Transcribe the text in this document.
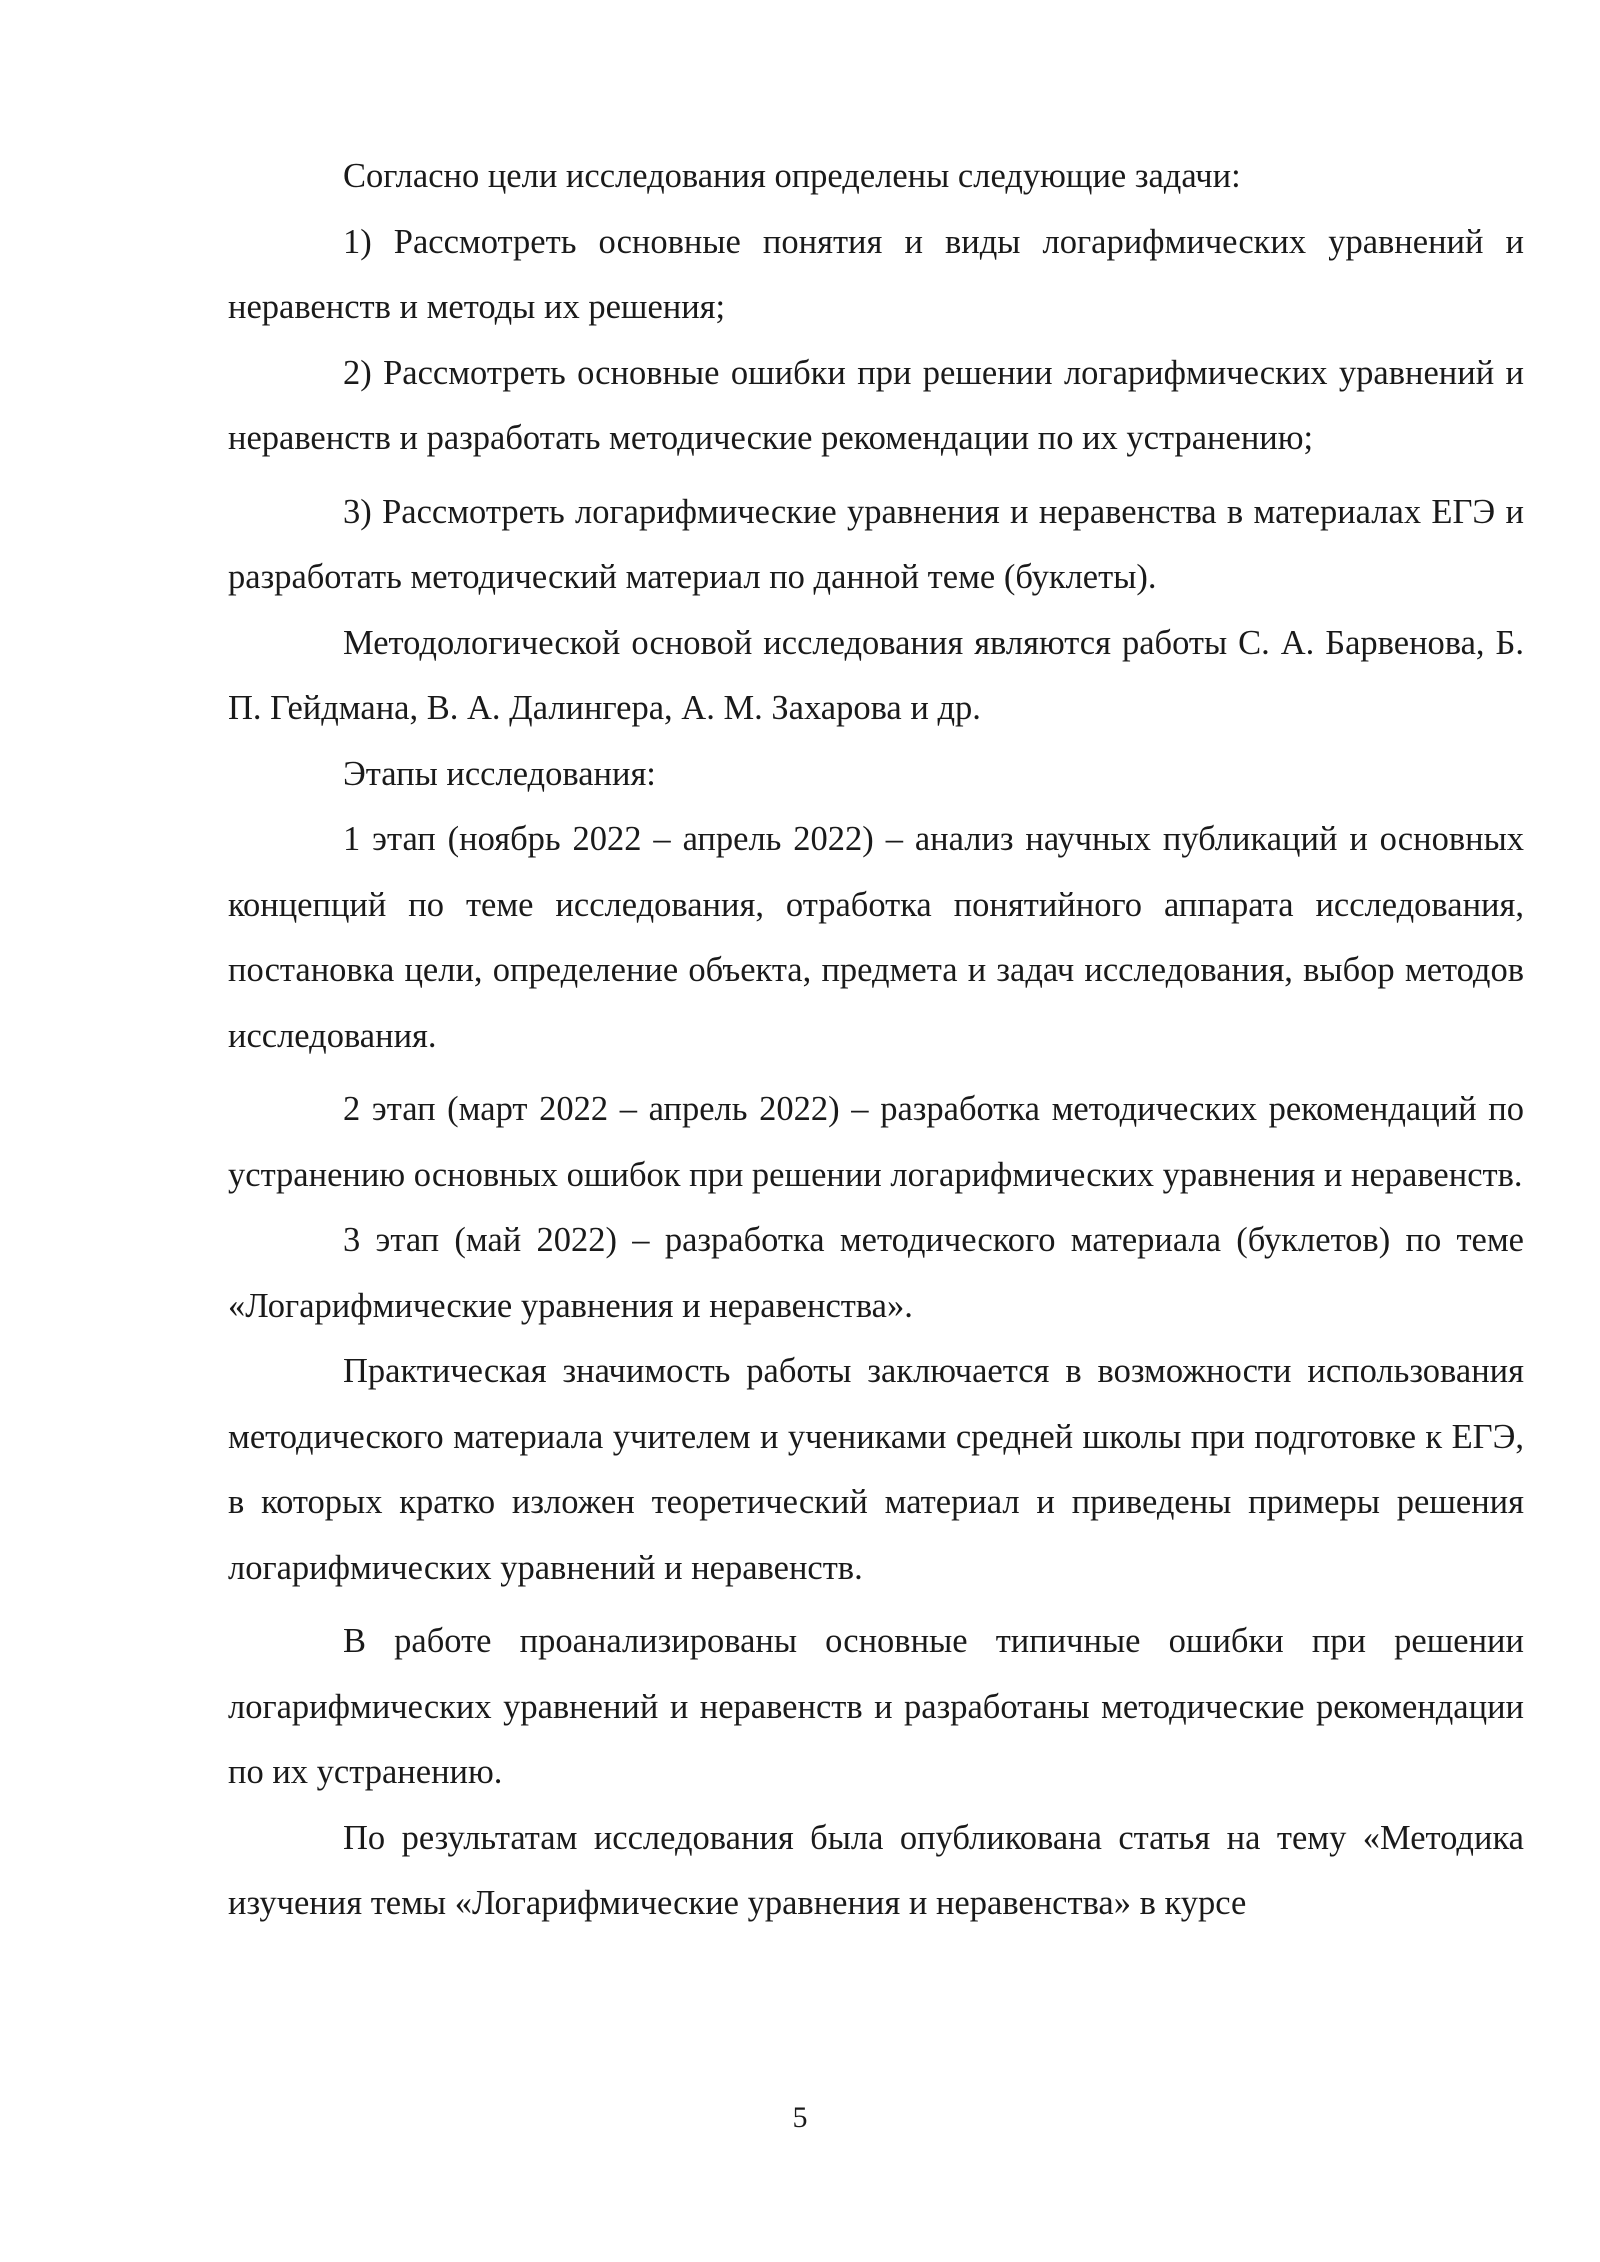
Согласно цели исследования определены следующие задачи:

1) Рассмотреть основные понятия и виды логарифмических уравнений и неравенств и методы их решения;

2) Рассмотреть основные ошибки при решении логарифмических уравнений и неравенств и разработать методические рекомендации по их устранению;

3) Рассмотреть логарифмические уравнения и неравенства в материалах ЕГЭ и разработать методический материал по данной теме (буклеты).

Методологической основой исследования являются работы С. А. Барвенова, Б. П. Гейдмана, В. А. Далингера, А. М. Захарова и др.

Этапы исследования:

1 этап (ноябрь 2022 – апрель 2022) – анализ научных публикаций и основных концепций по теме исследования, отработка понятийного аппарата исследования, постановка цели, определение объекта, предмета и задач исследования, выбор методов исследования.

2 этап (март 2022 – апрель 2022) – разработка методических рекомендаций по устранению основных ошибок при решении логарифмических уравнения и неравенств.

3 этап (май 2022) – разработка методического материала (буклетов) по теме «Логарифмические уравнения и неравенства».

Практическая значимость работы заключается в возможности использования методического материала учителем и учениками средней школы при подготовке к ЕГЭ, в которых кратко изложен теоретический материал и приведены примеры решения логарифмических уравнений и неравенств.

В работе проанализированы основные типичные ошибки при решении логарифмических уравнений и неравенств и разработаны методические рекомендации по их устранению.

По результатам исследования была опубликована статья на тему «Методика изучения темы «Логарифмические уравнения и неравенства» в курсе

5
